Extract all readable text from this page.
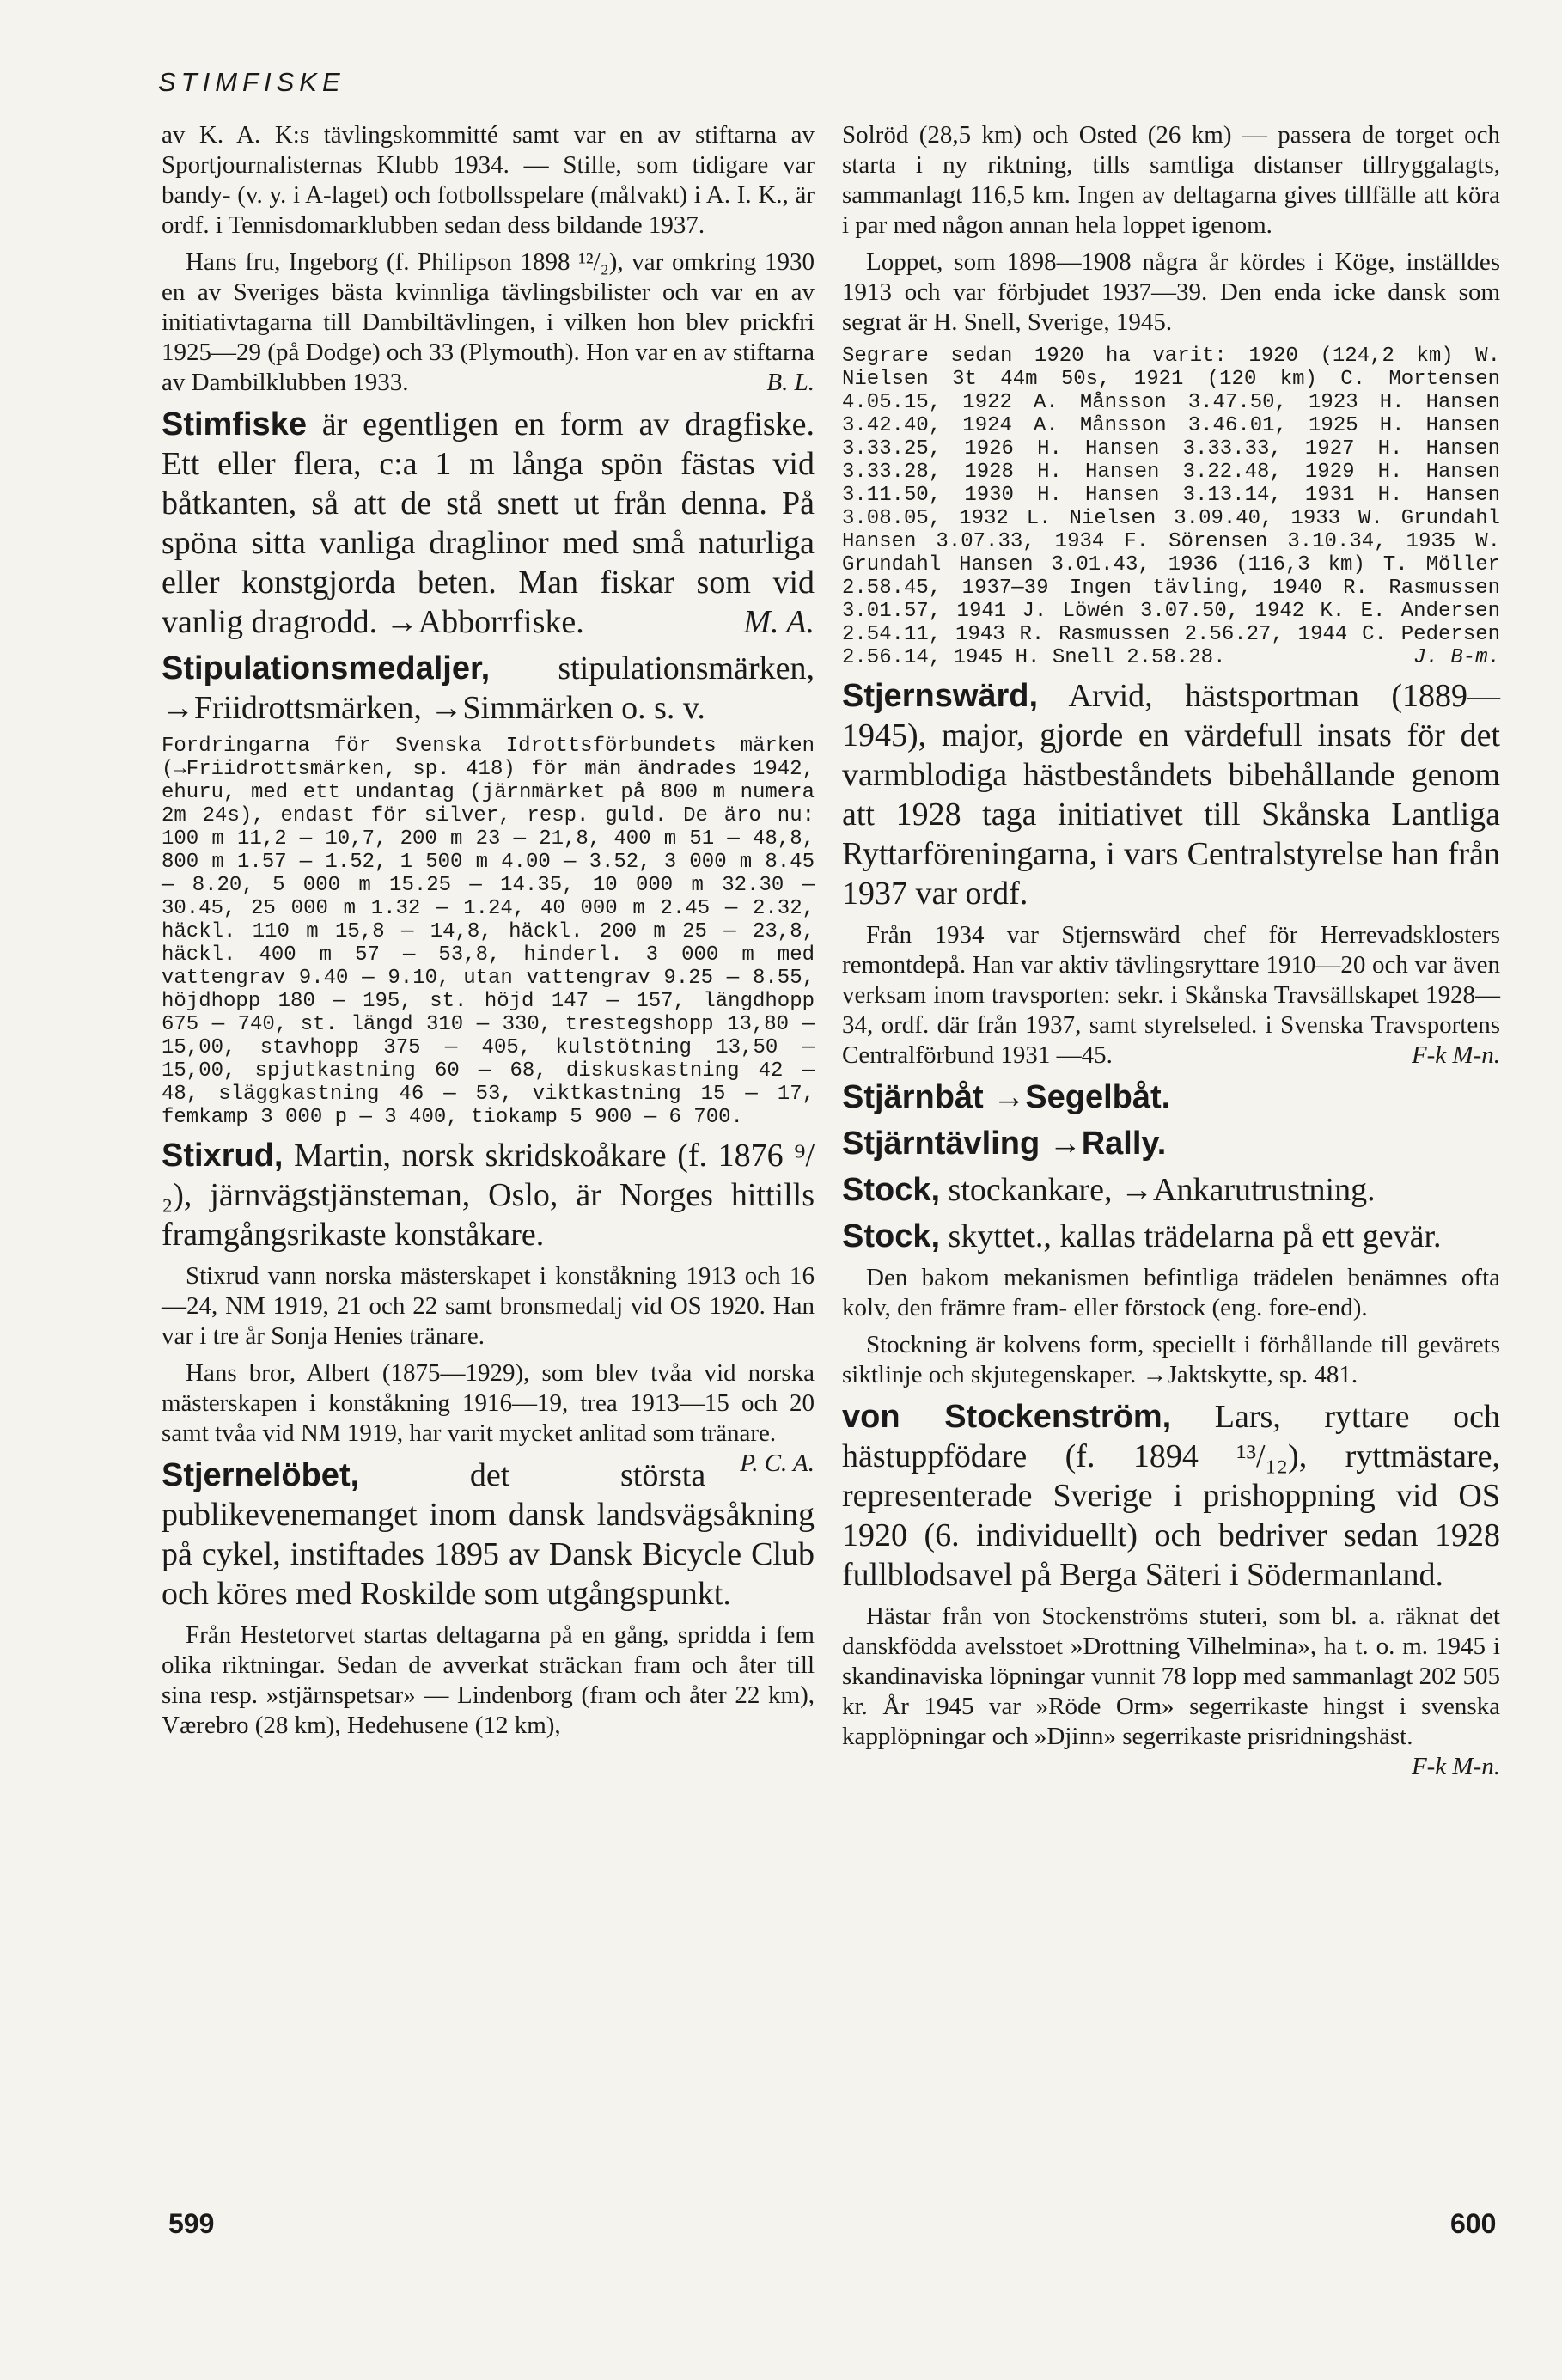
STIMFISKE

av K. A. K:s tävlingskommitté samt var en av stiftarna av Sportjournalisternas Klubb 1934. — Stille, som tidigare var bandy- (v. y. i A-laget) och fotbollsspelare (målvakt) i A. I. K., är ordf. i Tennisdomarklubben sedan dess bildande 1937.

Hans fru, Ingeborg (f. Philipson 1898 ¹²/₂), var omkring 1930 en av Sveriges bästa kvinnliga tävlingsbilister och var en av initiativtagarna till Dambiltävlingen, i vilken hon blev prickfri 1925—29 (på Dodge) och 33 (Plymouth). Hon var en av stiftarna av Dambilklubben 1933.	B. L.

Stimfiske är egentligen en form av dragfiske. Ett eller flera, c:a 1 m långa spön fästas vid båtkanten, så att de stå snett ut från denna. På spöna sitta vanliga draglinor med små naturliga eller konstgjorda beten. Man fiskar som vid vanlig dragrodd. →Abborrfiske.	M. A.

Stipulationsmedaljer, stipulationsmärken, →Friidrottsmärken, →Simmärken o. s. v.

Fordringarna för Svenska Idrottsförbundets märken (→Friidrottsmärken, sp. 418) för män ändrades 1942, ehuru, med ett undantag (järnmärket på 800 m numera 2m 24s), endast för silver, resp. guld. De äro nu: 100 m 11,2 — 10,7, 200 m 23 — 21,8, 400 m 51 — 48,8, 800 m 1.57 — 1.52, 1 500 m 4.00 — 3.52, 3 000 m 8.45 — 8.20, 5 000 m 15.25 — 14.35, 10 000 m 32.30 — 30.45, 25 000 m 1.32 — 1.24, 40 000 m 2.45 — 2.32, häckl. 110 m 15,8 — 14,8, häckl. 200 m 25 — 23,8, häckl. 400 m 57 — 53,8, hinderl. 3 000 m med vattengrav 9.40 — 9.10, utan vattengrav 9.25 — 8.55, höjdhopp 180 — 195, st. höjd 147 — 157, längdhopp 675 — 740, st. längd 310 — 330, trestegshopp 13,80 — 15,00, stavhopp 375 — 405, kulstötning 13,50 — 15,00, spjutkastning 60 — 68, diskuskastning 42 — 48, släggkastning 46 — 53, viktkastning 15 — 17, femkamp 3 000 p — 3 400, tiokamp 5 900 — 6 700.

Stixrud, Martin, norsk skridskoåkare (f. 1876 ⁹/₂), järnvägstjänsteman, Oslo, är Norges hittills framgångsrikaste konståkare.

Stixrud vann norska mästerskapet i konståkning 1913 och 16—24, NM 1919, 21 och 22 samt bronsmedalj vid OS 1920. Han var i tre år Sonja Henies tränare.

Hans bror, Albert (1875—1929), som blev tvåa vid norska mästerskapen i konståkning 1916—19, trea 1913—15 och 20 samt tvåa vid NM 1919, har varit mycket anlitad som tränare.
P. C. A.

Stjernelöbet,	det största publikevenemanget inom dansk landsvägsåkning på cykel, instiftades 1895 av Dansk Bicycle Club och köres med Roskilde som utgångspunkt.

Från Hestetorvet startas deltagarna på en gång, spridda i fem olika riktningar. Sedan de avverkat sträckan fram och åter till sina resp. »stjärnspetsar» — Lindenborg (fram och åter 22 km), Værebro (28 km), Hedehusene (12 km),

Solröd (28,5 km) och Osted (26 km) — passera de torget och starta i ny riktning, tills samtliga distanser tillryggalagts, sammanlagt 116,5 km. Ingen av deltagarna gives tillfälle att köra i par med någon annan hela loppet igenom.

Loppet, som 1898—1908 några år kördes i Köge, inställdes 1913 och var förbjudet 1937—39. Den enda icke dansk som segrat är H. Snell, Sverige, 1945.

Segrare sedan 1920 ha varit: 1920 (124,2 km) W. Nielsen 3t 44m 50s, 1921 (120 km) C. Mortensen 4.05.15, 1922 A. Månsson 3.47.50, 1923 H. Hansen 3.42.40, 1924 A. Månsson 3.46.01, 1925 H. Hansen 3.33.25, 1926 H. Hansen 3.33.33, 1927 H. Hansen 3.33.28, 1928 H. Hansen 3.22.48, 1929 H. Hansen 3.11.50, 1930 H. Hansen 3.13.14, 1931 H. Hansen 3.08.05, 1932 L. Nielsen 3.09.40, 1933 W. Grundahl Hansen 3.07.33, 1934 F. Sörensen 3.10.34, 1935 W. Grundahl Hansen 3.01.43, 1936 (116,3 km) T. Möller 2.58.45, 1937—39 Ingen tävling, 1940 R. Rasmussen 3.01.57, 1941 J. Löwén 3.07.50, 1942 K. E. Andersen 2.54.11, 1943 R. Rasmussen 2.56.27, 1944 C. Pedersen 2.56.14, 1945 H. Snell 2.58.28.	J. B-m.

Stjernswärd, Arvid, hästsportman (1889—1945), major, gjorde en värdefull insats för det varmblodiga hästbeståndets bibehållande genom att 1928 taga initiativet till Skånska Lantliga Ryttarföreningarna, i vars Centralstyrelse han från 1937 var ordf.

Från 1934 var Stjernswärd chef för Herrevadsklosters remontdepå. Han var aktiv tävlingsryttare 1910—20 och var även verksam inom travsporten: sekr. i Skånska Travsällskapet 1928—34, ordf. där från 1937, samt styrelseled. i Svenska Travsportens Centralförbund 1931 —45.	F-k M-n.

Stjärnbåt →Segelbåt.

Stjärntävling →Rally.

Stock, stockankare, →Ankarutrustning.

Stock, skyttet., kallas trädelarna på ett gevär.

Den bakom mekanismen befintliga trädelen benämnes ofta kolv, den främre fram- eller förstock (eng. fore-end).

Stockning är kolvens form, speciellt i förhållande till gevärets siktlinje och skjutegenskaper. →Jaktskytte, sp. 481.

von Stockenström, Lars, ryttare och hästuppfödare (f. 1894 ¹³/₁₂), ryttmästare, representerade Sverige i prishoppning vid OS 1920 (6. individuellt) och bedriver sedan 1928 fullblodsavel på Berga Säteri i Södermanland.

Hästar från von Stockenströms stuteri, som bl. a. räknat det danskfödda avelsstoet »Drottning Vilhelmina», ha t. o. m. 1945 i skandinaviska löpningar vunnit 78 lopp med sammanlagt 202 505 kr. År 1945 var »Röde Orm» segerrikaste hingst i svenska kapplöpningar och »Djinn» segerrikaste prisridningshäst.
F-k M-n.

599	600
